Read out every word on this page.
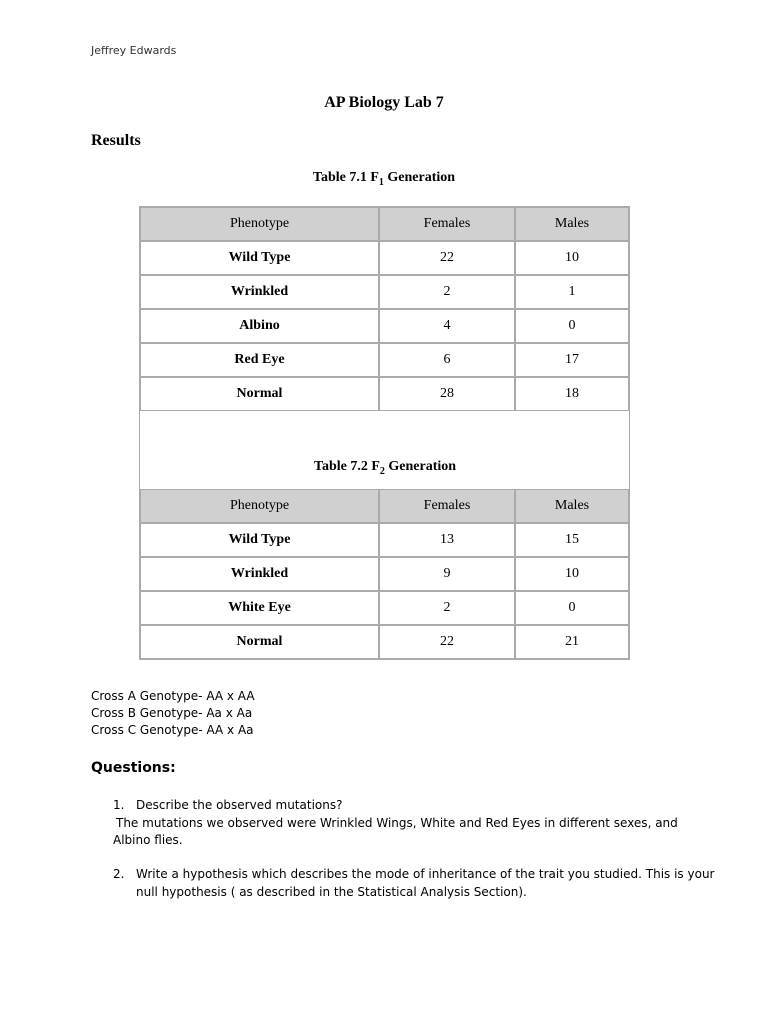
Jeffrey Edwards
AP Biology Lab 7
Results
Table 7.1 $F_1$ Generation
Phenotype	Females	Males
Wild Type	22	10
Wrinkled	2	1
Albino	4	0
Red Eye	6	17
Normal	28	18
Table 7.2 $F_2$ Generation
Phenotype	Females	Males
Wild Type	13	15
Wrinkled	9	10
White Eye	2	0
Normal	22	21
Cross A Genotype- AA x AA
Cross B Genotype- Aa x Aa
Cross C Genotype- AA x Aa
Questions:
1. Describe the observed mutations?
The mutations we observed were Wrinkled Wings, White and Red Eyes in different sexes, and
Albino flies.
2. Write a hypothesis which describes the mode of inheritance of the trait you studied. This is your
null hypothesis ( as described in the Statistical Analysis Section).
